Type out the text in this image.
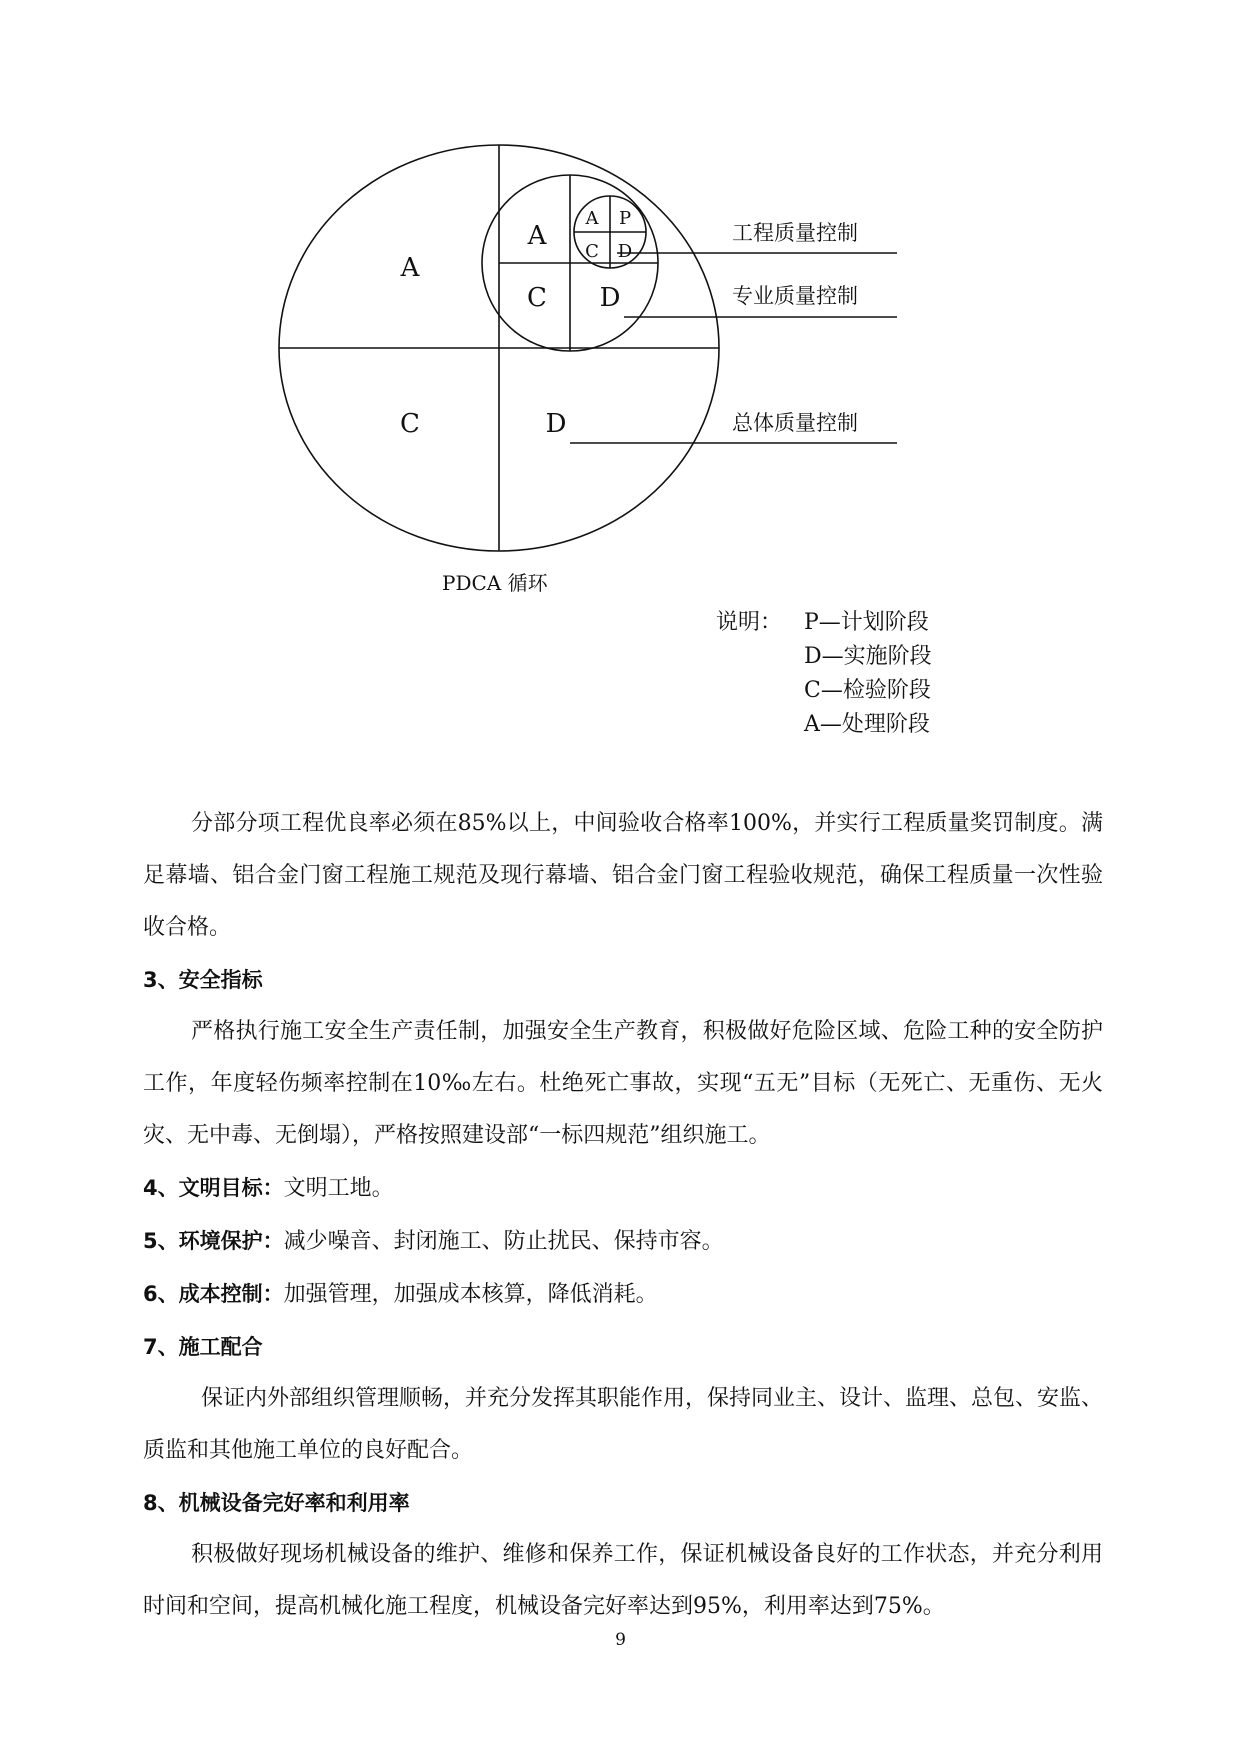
A
C	D
A
C D
A P
C D
工程质量控制
专业质量控制
总体质量控制
PDCA 循环
说明： P—计划阶段
D—实施阶段
C—检验阶段
A—处理阶段

分部分项工程优良率必须在85%以上，中间验收合格率100%，并实行工程质量奖罚制度。满足幕墙、铝合金门窗工程施工规范及现行幕墙、铝合金门窗工程验收规范，确保工程质量一次性验收合格。

3、安全指标

严格执行施工安全生产责任制，加强安全生产教育，积极做好危险区域、危险工种的安全防护工作，年度轻伤频率控制在10‰左右。杜绝死亡事故，实现“五无”目标（无死亡、无重伤、无火灾、无中毒、无倒塌），严格按照建设部“一标四规范”组织施工。

4、文明目标：文明工地。

5、环境保护：减少噪音、封闭施工、防止扰民、保持市容。

6、成本控制：加强管理，加强成本核算，降低消耗。

7、施工配合

保证内外部组织管理顺畅，并充分发挥其职能作用，保持同业主、设计、监理、总包、安监、质监和其他施工单位的良好配合。

8、机械设备完好率和利用率

积极做好现场机械设备的维护、维修和保养工作，保证机械设备良好的工作状态，并充分利用时间和空间，提高机械化施工程度，机械设备完好率达到95%，利用率达到75%。

9
